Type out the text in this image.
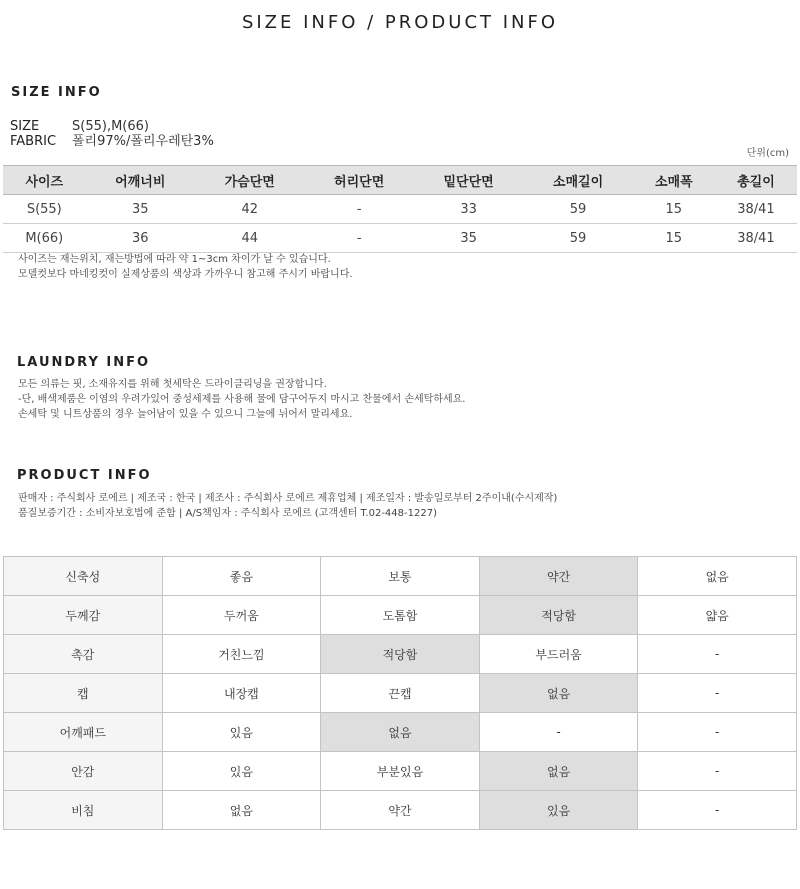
SIZE INFO / PRODUCT INFO
SIZE INFO
SIZE	S(55),M(66)
FABRIC	폴리97%/폴리우레탄3%
단위(cm)
사이즈	어깨너비	가슴단면	허리단면	밑단단면	소매길이	소매폭	총길이
S(55)	35	42	-	33	59	15	38/41
M(66)	36	44	-	35	59	15	38/41
사이즈는 재는위치, 재는방법에 따라 약 1~3cm 차이가 날 수 있습니다.
모델컷보다 마네킹컷이 실제상품의 색상과 가까우니 참고해 주시기 바랍니다.
LAUNDRY INFO
모든 의류는 핏, 소재유지를 위해 첫세탁은 드라이클리닝을 권장합니다.
-단, 배색제품은 이염의 우려가있어 중성세제를 사용해 물에 담구어두지 마시고 찬물에서 손세탁하세요.
손세탁 및 니트상품의 경우 늘어남이 있을 수 있으니 그늘에 뉘어서 말리세요.
PRODUCT INFO
판매자 : 주식회사 로에르 | 제조국 : 한국 | 제조사 : 주식회사 로에르 제휴업체 | 제조일자 : 발송일로부터 2주이내(수시제작)
품질보증기간 : 소비자보호법에 준함 | A/S책임자 : 주식회사 로에르 (고객센터 T.02-448-1227)
신축성	좋음	보통	약간	없음
두께감	두꺼움	도톰함	적당함	얇음
촉감	거친느낌	적당함	부드러움	-
캡	내장캡	끈캡	없음	-
어깨패드	있음	없음	-	-
안감	있음	부분있음	없음	-
비침	없음	약간	있음	-
